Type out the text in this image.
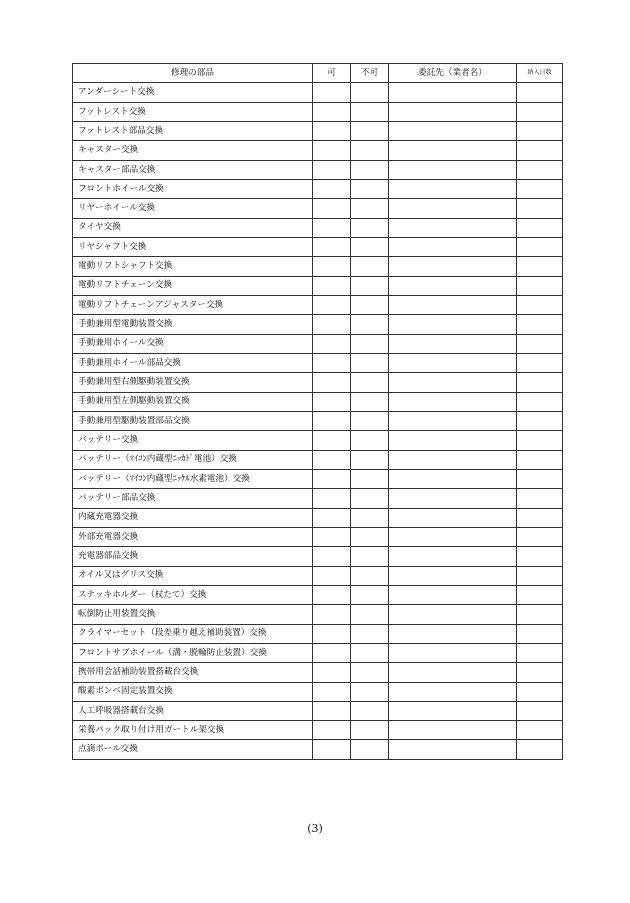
修理の部品	可	不可	委託先（業者名）	納入日数
アンダーシート交換				
フットレスト交換				
フットレスト部品交換				
キャスター交換				
キャスター部品交換				
フロントホイール交換				
リヤーホイール交換				
タイヤ交換				
リヤシャフト交換				
電動リフトシャフト交換				
電動リフトチェーン交換				
電動リフトチェーンアジャスター交換				
手動兼用型電動装置交換				
手動兼用ホイール交換				
手動兼用ホイール部品交換				
手動兼用型右側駆動装置交換				
手動兼用型左側駆動装置交換				
手動兼用型駆動装置部品交換				
バッテリー交換				
バッテリー（ﾏｲｺﾝ内蔵型ﾆｯｶﾄﾞ電池）交換				
バッテリー（ﾏｲｺﾝ内蔵型ﾆｯｹﾙ水素電池）交換				
バッテリー部品交換				
内蔵充電器交換				
外部充電器交換				
充電器部品交換				
オイル又はグリス交換				
ステッキホルダー（杖たて）交換				
転倒防止用装置交換				
クライマーセット（段差乗り越え補助装置）交換				
フロントサブホイール（溝・脱輪防止装置）交換				
携帯用会話補助装置搭載台交換				
酸素ボンベ固定装置交換				
人工呼吸器搭載台交換				
栄養パック取り付け用ガートル架交換				
点滴ポール交換				
(3)
